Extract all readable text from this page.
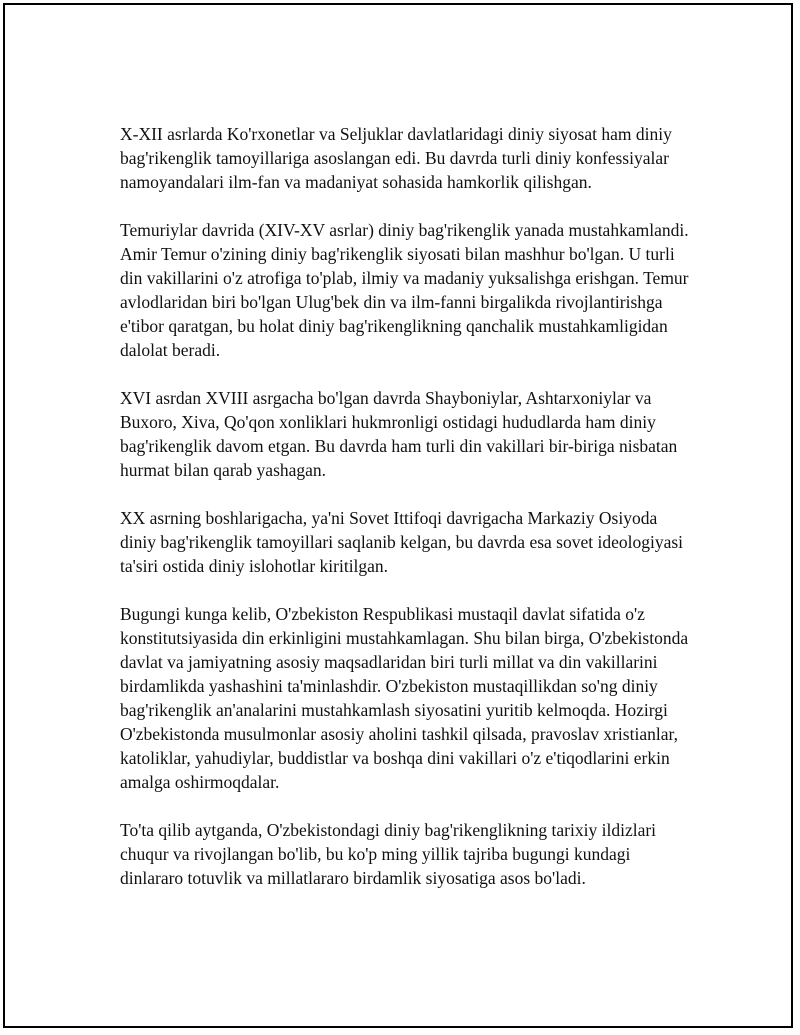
X-XII asrlarda Ko'rxonetlar va Seljuklar davlatlaridagi diniy siyosat ham diniy bag'rikenglik tamoyillariga asoslangan edi. Bu davrda turli diniy konfessiyalar namoyandalari ilm-fan va madaniyat sohasida hamkorlik qilishgan.

Temuriylar davrida (XIV-XV asrlar) diniy bag'rikenglik yanada mustahkamlandi. Amir Temur o'zining diniy bag'rikenglik siyosati bilan mashhur bo'lgan. U turli din vakillarini o'z atrofiga to'plab, ilmiy va madaniy yuksalishga erishgan. Temur avlodlaridan biri bo'lgan Ulug'bek din va ilm-fanni birgalikda rivojlantirishga e'tibor qaratgan, bu holat diniy bag'rikenglikning qanchalik mustahkamligidan dalolat beradi.

XVI asrdan XVIII asrgacha bo'lgan davrda Shayboniylar, Ashtarxoniylar va Buxoro, Xiva, Qo'qon xonliklari hukmronligi ostidagi hududlarda ham diniy bag'rikenglik davom etgan. Bu davrda ham turli din vakillari bir-biriga nisbatan hurmat bilan qarab yashagan.

XX asrning boshlarigacha, ya'ni Sovet Ittifoqi davrigacha Markaziy Osiyoda diniy bag'rikenglik tamoyillari saqlanib kelgan, bu davrda esa sovet ideologiyasi ta'siri ostida diniy islohotlar kiritilgan.

Bugungi kunga kelib, O'zbekiston Respublikasi mustaqil davlat sifatida o'z konstitutsiyasida din erkinligini mustahkamlagan. Shu bilan birga, O'zbekistonda davlat va jamiyatning asosiy maqsadlaridan biri turli millat va din vakillarini birdamlikda yashashini ta'minlashdir. O'zbekiston mustaqillikdan so'ng diniy bag'rikenglik an'analarini mustahkamlash siyosatini yuritib kelmoqda. Hozirgi O'zbekistonda musulmonlar asosiy aholini tashkil qilsada, pravoslav xristianlar, katoliklar, yahudiylar, buddistlar va boshqa dini vakillari o'z e'tiqodlarini erkin amalga oshirmoqdalar.

To'ta qilib aytganda, O'zbekistondagi diniy bag'rikenglikning tarixiy ildizlari chuqur va rivojlangan bo'lib, bu ko'p ming yillik tajriba bugungi kundagi dinlararo totuvlik va millatlararo birdamlik siyosatiga asos bo'ladi.
